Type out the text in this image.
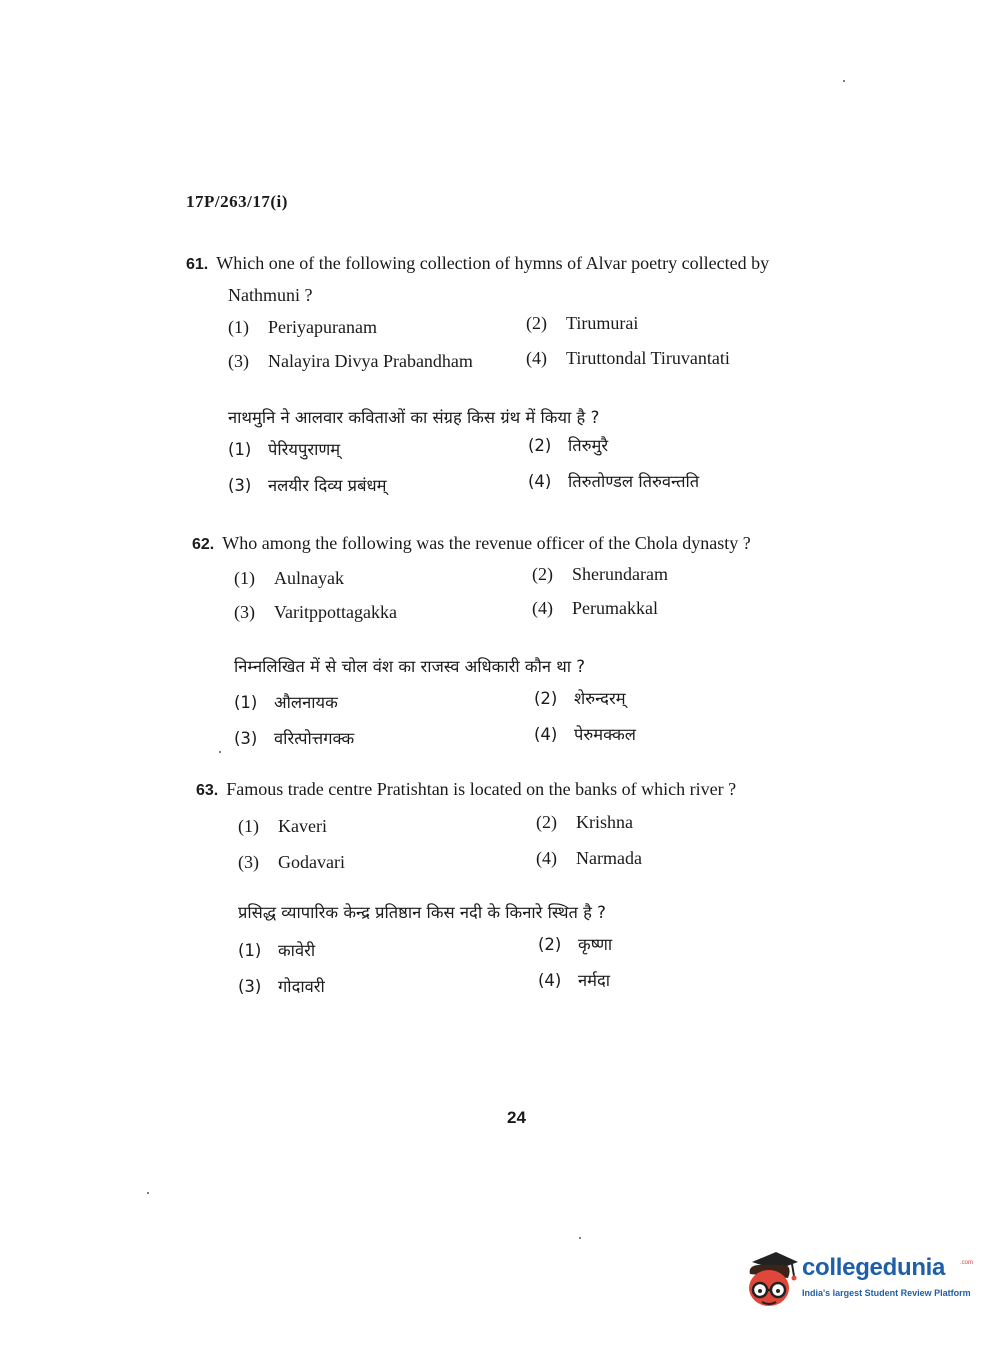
17P/263/17(i)
61. Which one of the following collection of hymns of Alvar poetry collected by Nathmuni ?
(1) Periyapuranam	(2) Tirumurai
(3) Nalayira Divya Prabandham	(4) Tiruttondal Tiruvantati
नाथमुनि ने आलवार कविताओं का संग्रह किस ग्रंथ में किया है ?
(1) पेरियपुराणम्	(2) तिरुमुरै
(3) नलयीर दिव्य प्रबंधम्	(4) तिरुतोण्डल तिरुवन्तति
62. Who among the following was the revenue officer of the Chola dynasty ?
(1) Aulnayak	(2) Sherundaram
(3) Varitppottagakka	(4) Perumakkal
निम्नलिखित में से चोल वंश का राजस्व अधिकारी कौन था ?
(1) औलनायक	(2) शेरुन्दरम्
(3) वरित्पोत्तगक्क	(4) पेरुमक्कल
63. Famous trade centre Pratishtan is located on the banks of which river ?
(1) Kaveri	(2) Krishna
(3) Godavari	(4) Narmada
प्रसिद्ध व्यापारिक केन्द्र प्रतिष्ठान किस नदी के किनारे स्थित है ?
(1) कावेरी	(2) कृष्णा
(3) गोदावरी	(4) नर्मदा
24
collegedunia .com
India's largest Student Review Platform
